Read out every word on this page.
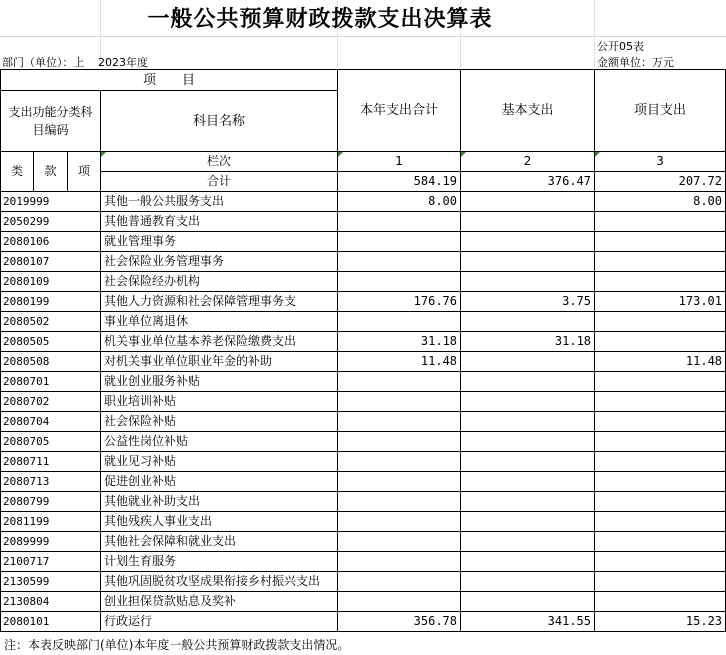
一般公共预算财政拨款支出决算表
公开05表
部门（单位）：上 2023年度	金额单位：万元
项　　目				本年支出合计	基本支出	项目支出
支出功能分类科目编码			科目名称			

类	款	项	栏次	1	2	3
			合计	584.19	376.47	207.72
2019999			其他一般公共服务支出	8.00		8.00
2050299			其他普通教育支出			
2080106			就业管理事务			
2080107			社会保险业务管理事务			
2080109			社会保险经办机构			
2080199			其他人力资源和社会保障管理事务支	176.76	3.75	173.01
2080502			事业单位离退休			
2080505			机关事业单位基本养老保险缴费支出	31.18	31.18	
2080508			对机关事业单位职业年金的补助	11.48		11.48
2080701			就业创业服务补贴			
2080702			职业培训补贴			
2080704			社会保险补贴			
2080705			公益性岗位补贴			
2080711			就业见习补贴			
2080713			促进创业补贴			
2080799			其他就业补助支出			
2081199			其他残疾人事业支出			
2089999			其他社会保障和就业支出			
2100717			计划生育服务			
2130599			其他巩固脱贫攻坚成果衔接乡村振兴支出			
2130804			创业担保贷款贴息及奖补			
2080101			行政运行	356.78	341.55	15.23
注：本表反映部门(单位)本年度一般公共预算财政拨款支出情况。
